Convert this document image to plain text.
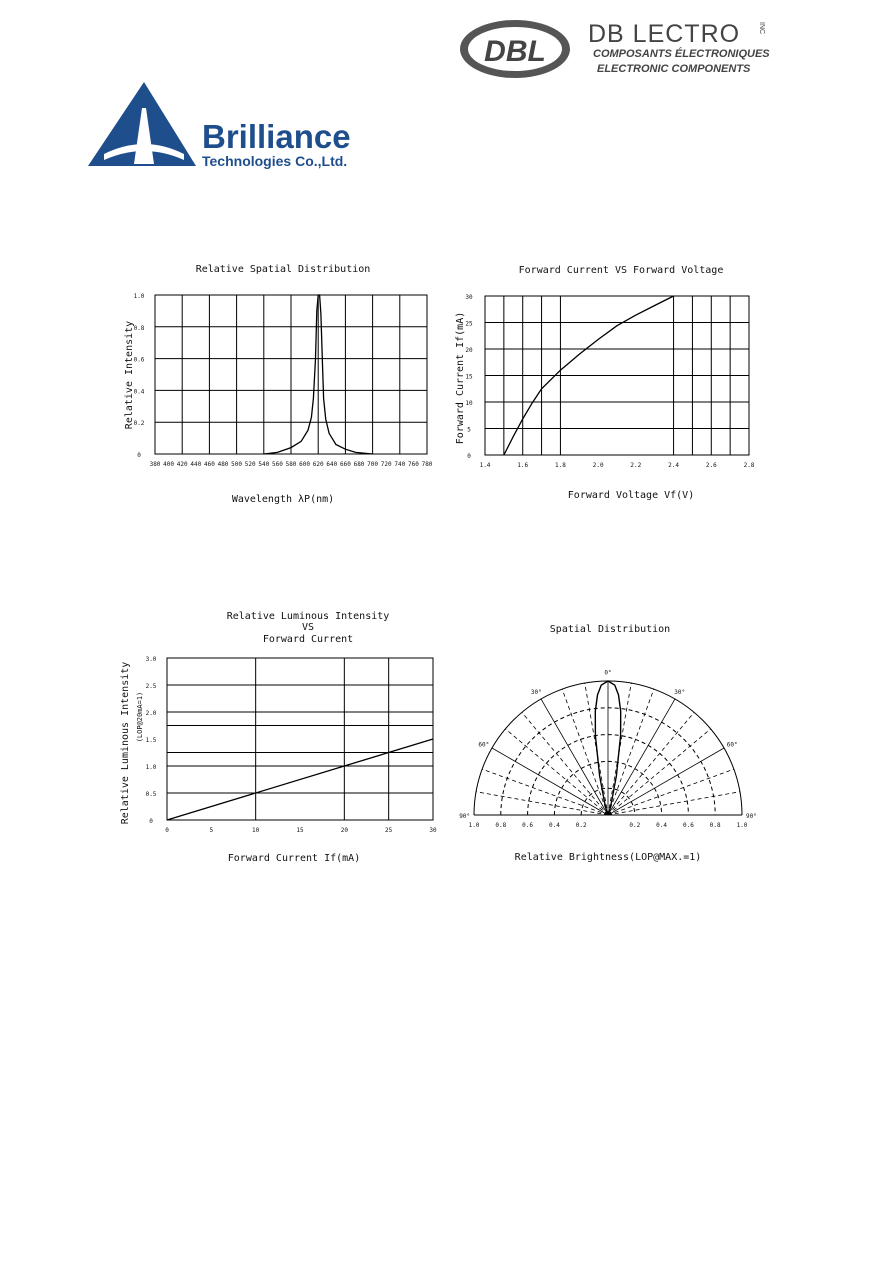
Brilliance
Technologies Co.,Ltd.
DBL
DB LECTRO	INC
COMPOSANTS ÉLECTRONIQUES
ELECTRONIC COMPONENTS
Relative Spatial Distribution
Wavelength λP(nm)
Relative Intensity
380 400 420 440 460 480 500 520 540 560 580 600 620 640 660 680 700 720 740 760 780
0
0.2
0.4
0.6
0.8
1.0
Forward Current VS Forward Voltage
Forward Voltage Vf(V)
Forward Current If(mA)
1.4	1.6	1.8	2.0	2.2	2.4	2.6	2.8
0
5
10
15
20
25
30
Relative Luminous Intensity
VS
Forward Current
Forward Current If(mA)
Relative Luminous Intensity (LOP@20mA=1)
0	5	10	15	20	25	30
0
0.5
1.0
1.5
2.0
2.5
3.0
Spatial Distribution
Relative Brightness(LOP@MAX.=1)
0°
30°	30°
60°	60°
90°	90°
1.0	0.8	0.6	0.4	0.2	0.2	0.4	0.6	0.8	1.0
